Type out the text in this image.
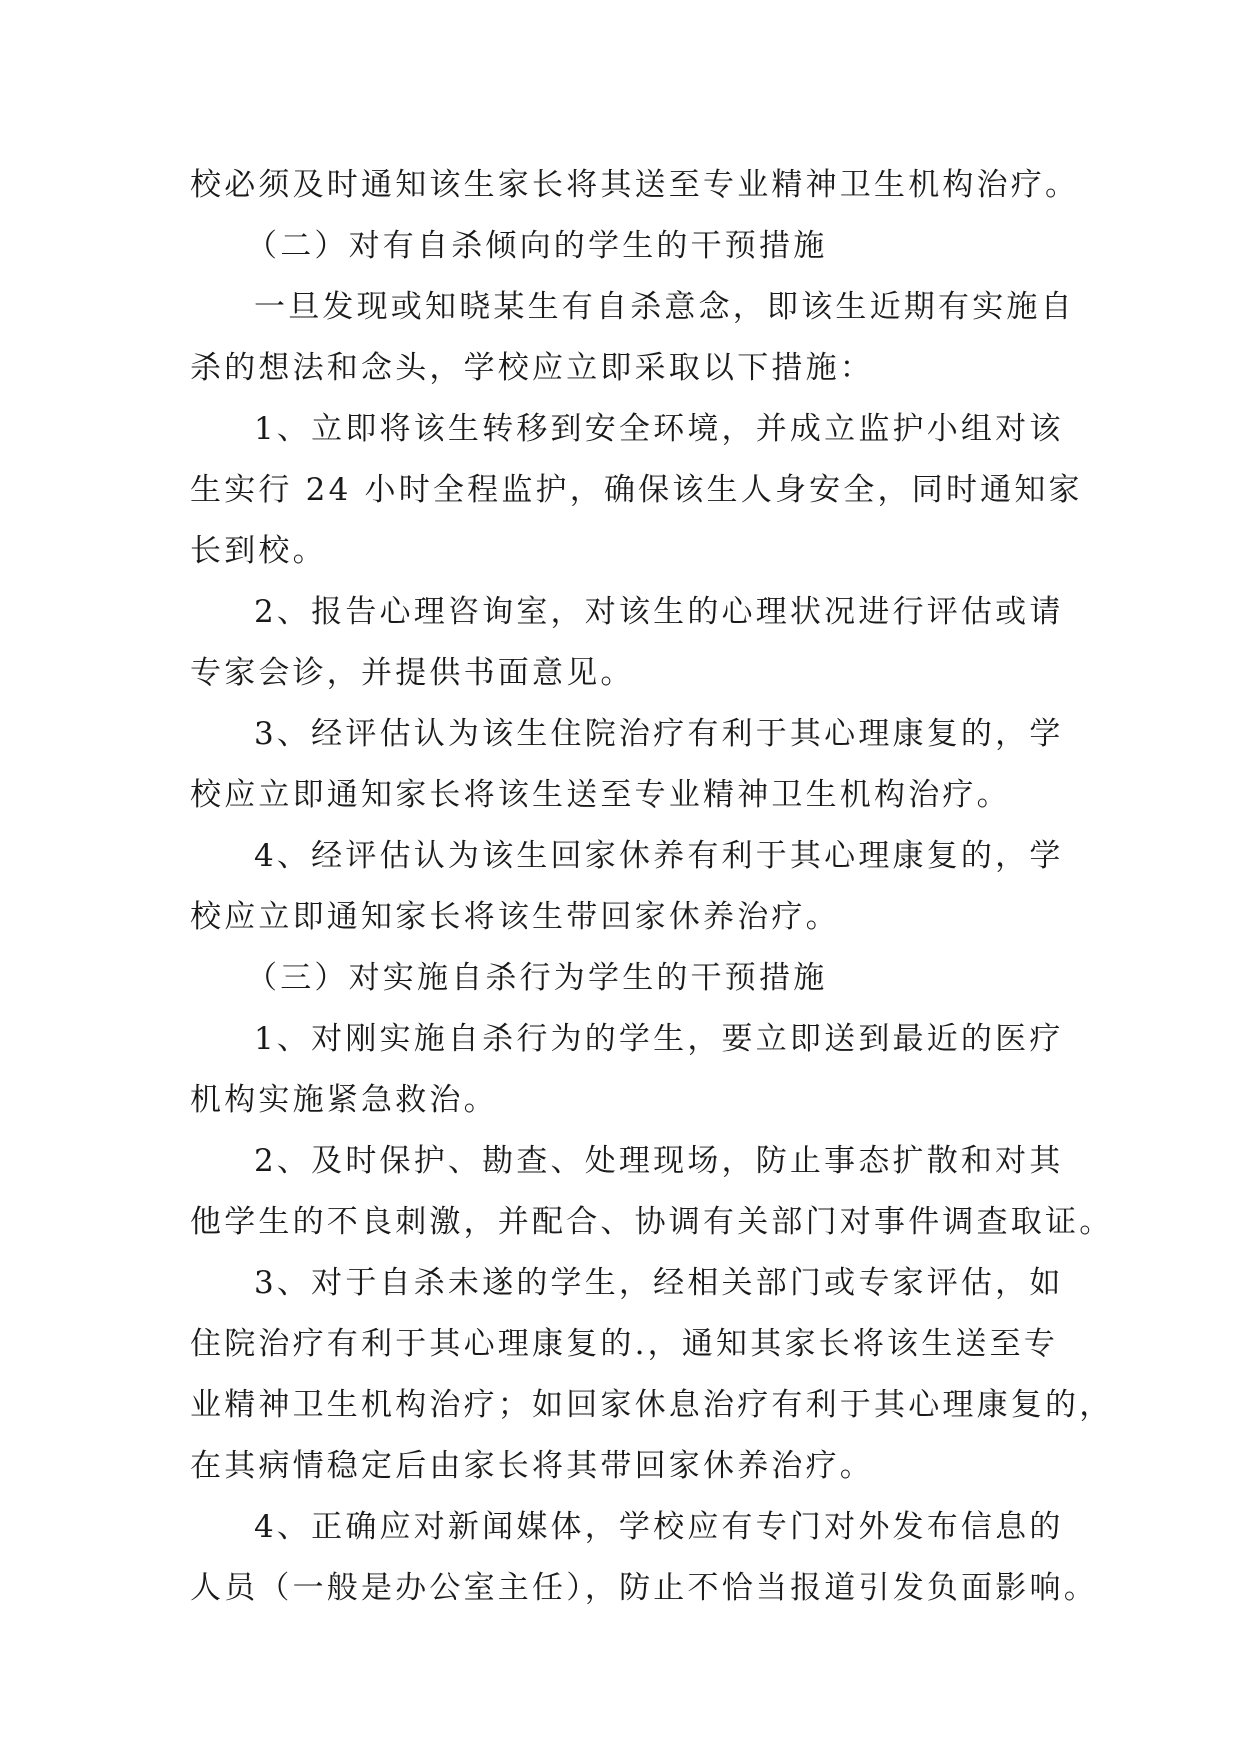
校必须及时通知该生家长将其送至专业精神卫生机构治疗。
（二）对有自杀倾向的学生的干预措施
一旦发现或知晓某生有自杀意念，即该生近期有实施自
杀的想法和念头，学校应立即采取以下措施：
1、立即将该生转移到安全环境，并成立监护小组对该
生实行 24 小时全程监护，确保该生人身安全，同时通知家
长到校。
2、报告心理咨询室，对该生的心理状况进行评估或请
专家会诊，并提供书面意见。
3、经评估认为该生住院治疗有利于其心理康复的，学
校应立即通知家长将该生送至专业精神卫生机构治疗。
4、经评估认为该生回家休养有利于其心理康复的，学
校应立即通知家长将该生带回家休养治疗。
（三）对实施自杀行为学生的干预措施
1、对刚实施自杀行为的学生，要立即送到最近的医疗
机构实施紧急救治。
2、及时保护、勘查、处理现场，防止事态扩散和对其
他学生的不良刺激，并配合、协调有关部门对事件调查取证。
3、对于自杀未遂的学生，经相关部门或专家评估，如
住院治疗有利于其心理康复的.，通知其家长将该生送至专
业精神卫生机构治疗；如回家休息治疗有利于其心理康复的，
在其病情稳定后由家长将其带回家休养治疗。
4、正确应对新闻媒体，学校应有专门对外发布信息的
人员（一般是办公室主任），防止不恰当报道引发负面影响。
